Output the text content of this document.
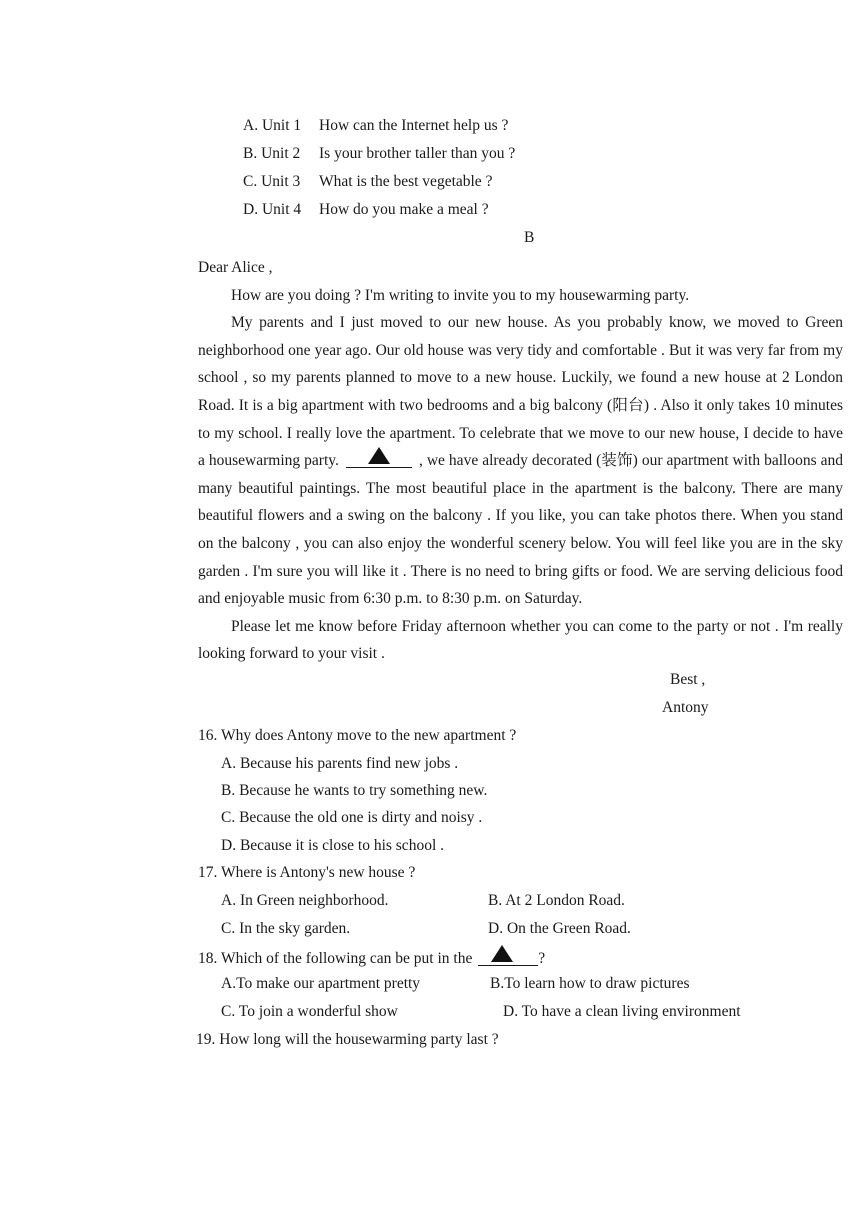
A. Unit 1 How can the Internet help us ?
B. Unit 2 Is your brother taller than you ?
C. Unit 3 What is the best vegetable ?
D. Unit 4 How do you make a meal ?
B

Dear Alice ,

How are you doing ? I'm writing to invite you to my housewarming party.

My parents and I just moved to our new house. As you probably know, we moved to Green neighborhood one year ago. Our old house was very tidy and comfortable . But it was very far from my school , so my parents planned to move to a new house. Luckily, we found a new house at 2 London Road. It is a big apartment with two bedrooms and a big balcony (阳台) . Also it only takes 10 minutes to my school. I really love the apartment. To celebrate that we move to our new house, I decide to have a housewarming party.	, we have already decorated (装饰) our apartment with balloons and many beautiful paintings. The most beautiful place in the apartment is the balcony. There are many beautiful flowers and a swing on the balcony . If you like, you can take photos there. When you stand on the balcony , you can also enjoy the wonderful scenery below. You will feel like you are in the sky garden . I'm sure you will like it . There is no need to bring gifts or food. We are serving delicious food and enjoyable music from 6:30 p.m. to 8:30 p.m. on Saturday.

Please let me know before Friday afternoon whether you can come to the party or not . I'm really looking forward to your visit .

Best ,
Antony
16. Why does Antony move to the new apartment ?
A. Because his parents find new jobs .
B. Because he wants to try something new.
C. Because the old one is dirty and noisy .
D. Because it is close to his school .
17. Where is Antony's new house ?
A. In Green neighborhood.	B. At 2 London Road.
C. In the sky garden.	D. On the Green Road.
18. Which of the following can be put in the	?
A.To make our apartment pretty	B.To learn how to draw pictures
C. To join a wonderful show	D. To have a clean living environment
19. How long will the housewarming party last ?
